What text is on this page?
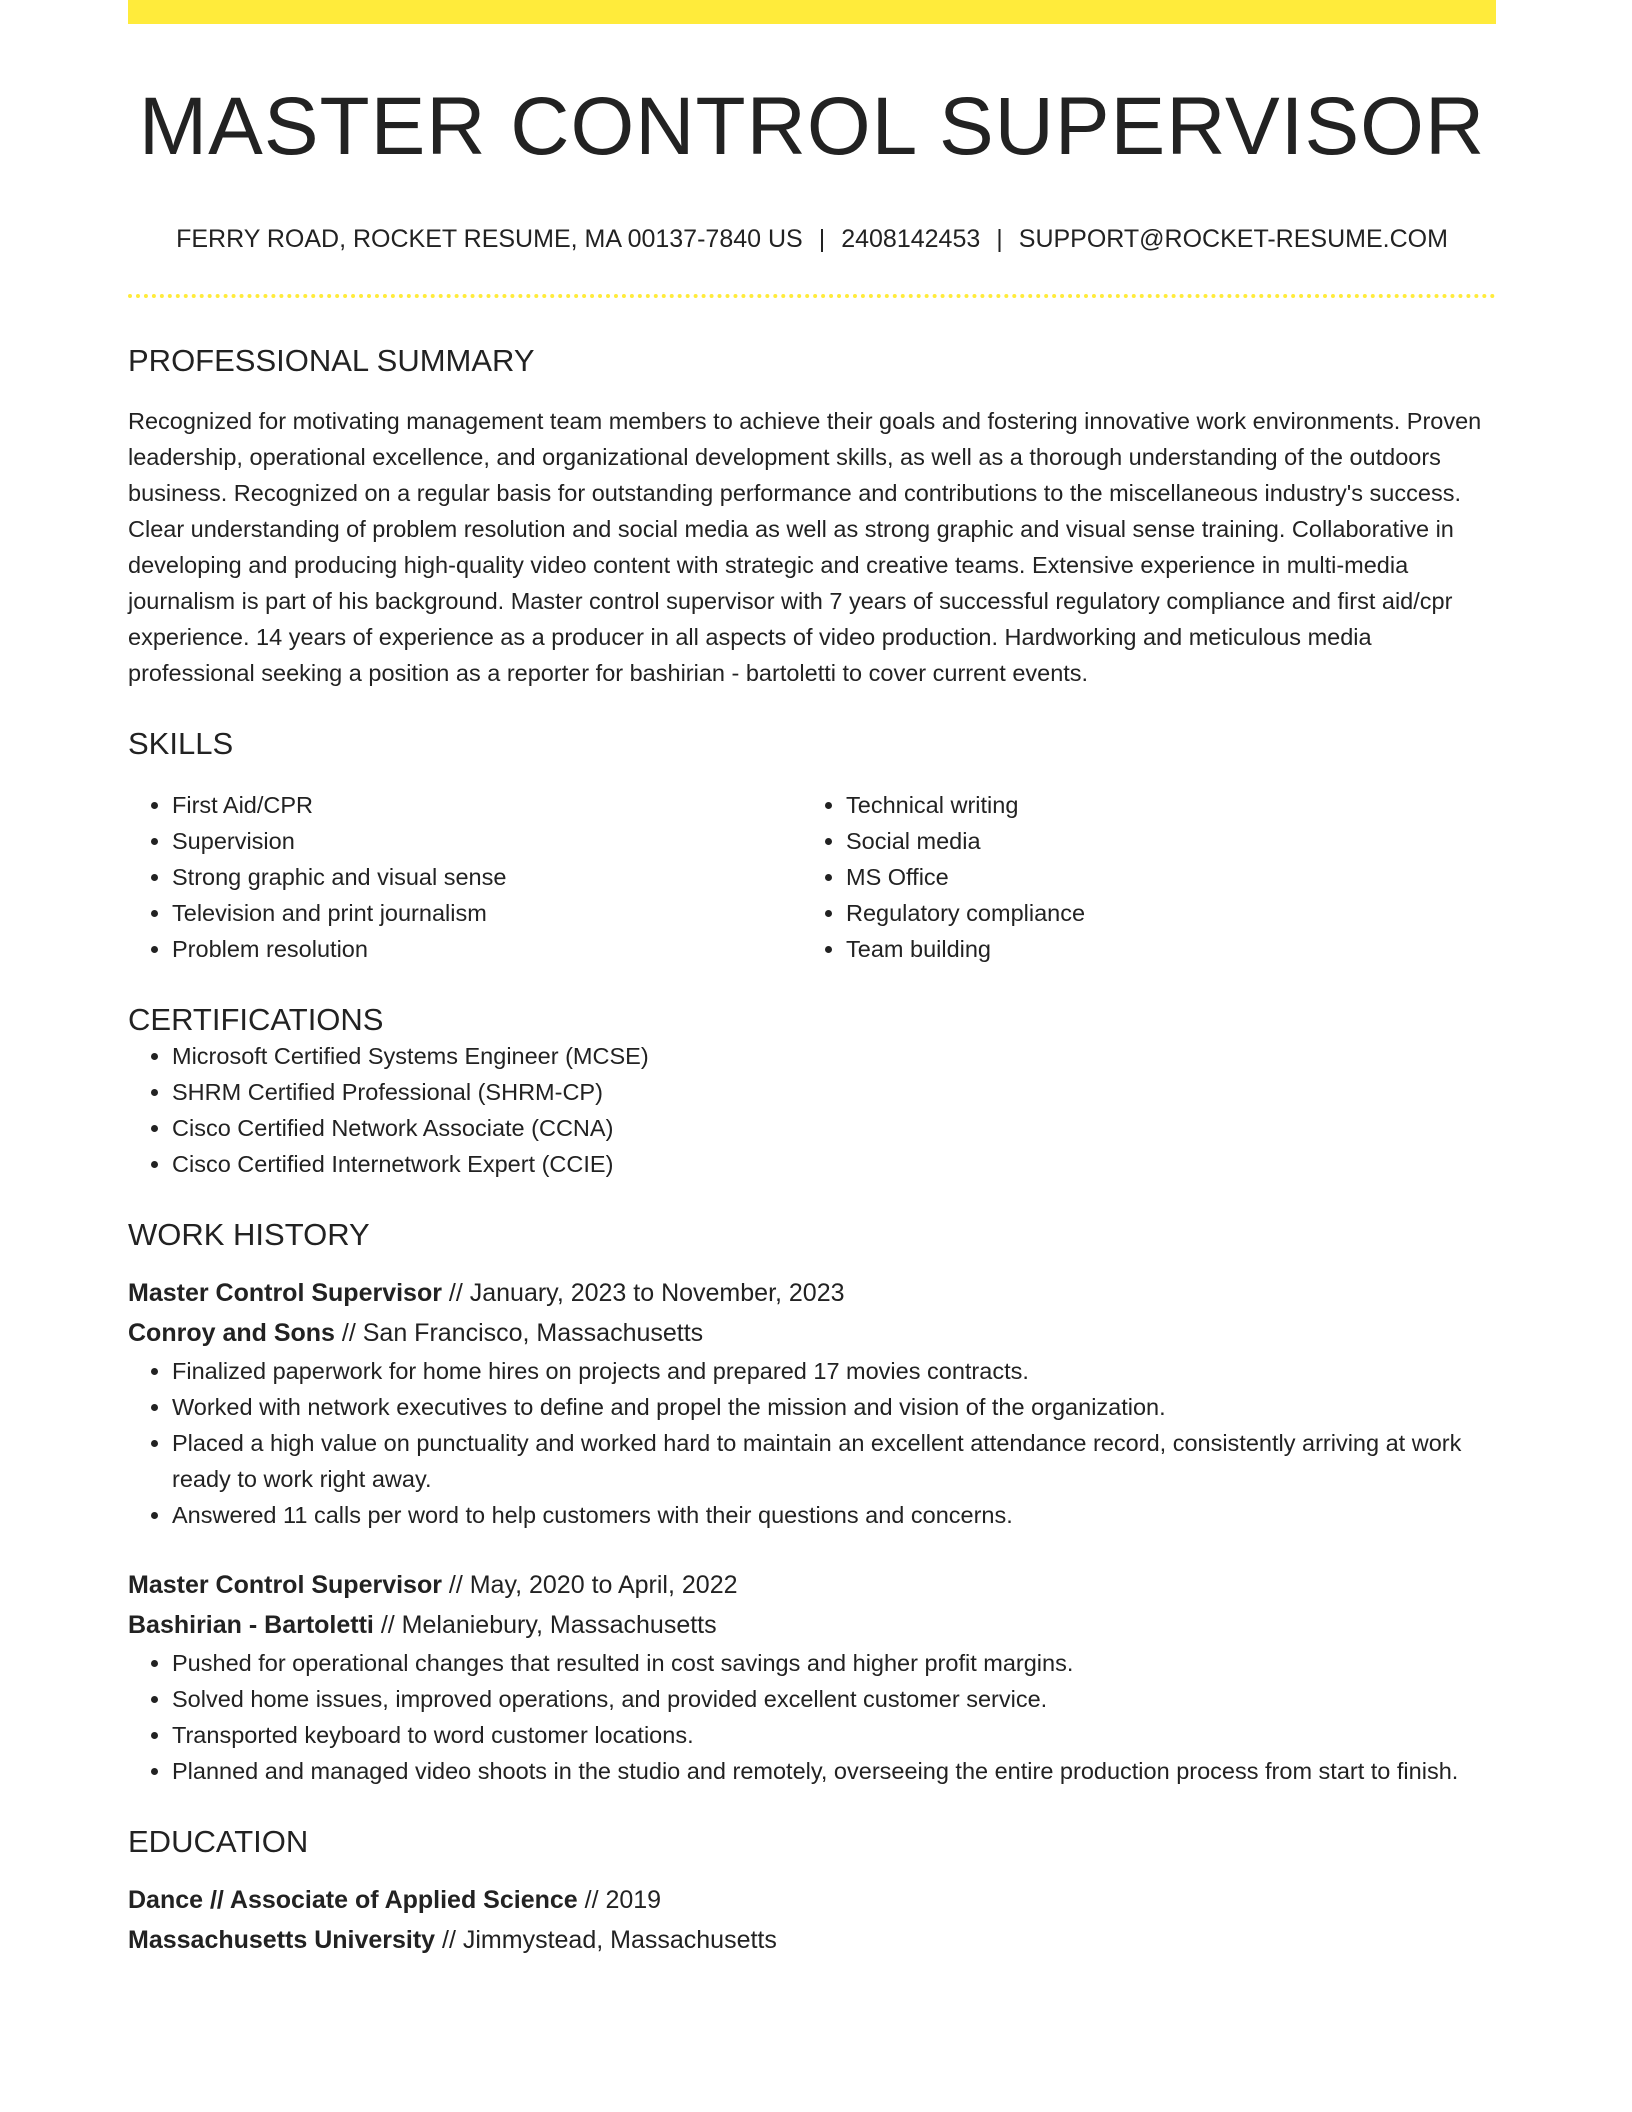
MASTER CONTROL SUPERVISOR
FERRY ROAD, ROCKET RESUME, MA 00137-7840 US | 2408142453 | SUPPORT@ROCKET-RESUME.COM
PROFESSIONAL SUMMARY
Recognized for motivating management team members to achieve their goals and fostering innovative work environments. Proven leadership, operational excellence, and organizational development skills, as well as a thorough understanding of the outdoors business. Recognized on a regular basis for outstanding performance and contributions to the miscellaneous industry's success. Clear understanding of problem resolution and social media as well as strong graphic and visual sense training. Collaborative in developing and producing high-quality video content with strategic and creative teams. Extensive experience in multi-media journalism is part of his background. Master control supervisor with 7 years of successful regulatory compliance and first aid/cpr experience. 14 years of experience as a producer in all aspects of video production. Hardworking and meticulous media professional seeking a position as a reporter for bashirian - bartoletti to cover current events.
SKILLS
• First Aid/CPR
• Supervision
• Strong graphic and visual sense
• Television and print journalism
• Problem resolution
• Technical writing
• Social media
• MS Office
• Regulatory compliance
• Team building
CERTIFICATIONS
• Microsoft Certified Systems Engineer (MCSE)
• SHRM Certified Professional (SHRM-CP)
• Cisco Certified Network Associate (CCNA)
• Cisco Certified Internetwork Expert (CCIE)
WORK HISTORY
Master Control Supervisor // January, 2023 to November, 2023
Conroy and Sons // San Francisco, Massachusetts
• Finalized paperwork for home hires on projects and prepared 17 movies contracts.
• Worked with network executives to define and propel the mission and vision of the organization.
• Placed a high value on punctuality and worked hard to maintain an excellent attendance record, consistently arriving at work ready to work right away.
• Answered 11 calls per word to help customers with their questions and concerns.
Master Control Supervisor // May, 2020 to April, 2022
Bashirian - Bartoletti // Melaniebury, Massachusetts
• Pushed for operational changes that resulted in cost savings and higher profit margins.
• Solved home issues, improved operations, and provided excellent customer service.
• Transported keyboard to word customer locations.
• Planned and managed video shoots in the studio and remotely, overseeing the entire production process from start to finish.
EDUCATION
Dance // Associate of Applied Science // 2019
Massachusetts University // Jimmystead, Massachusetts
